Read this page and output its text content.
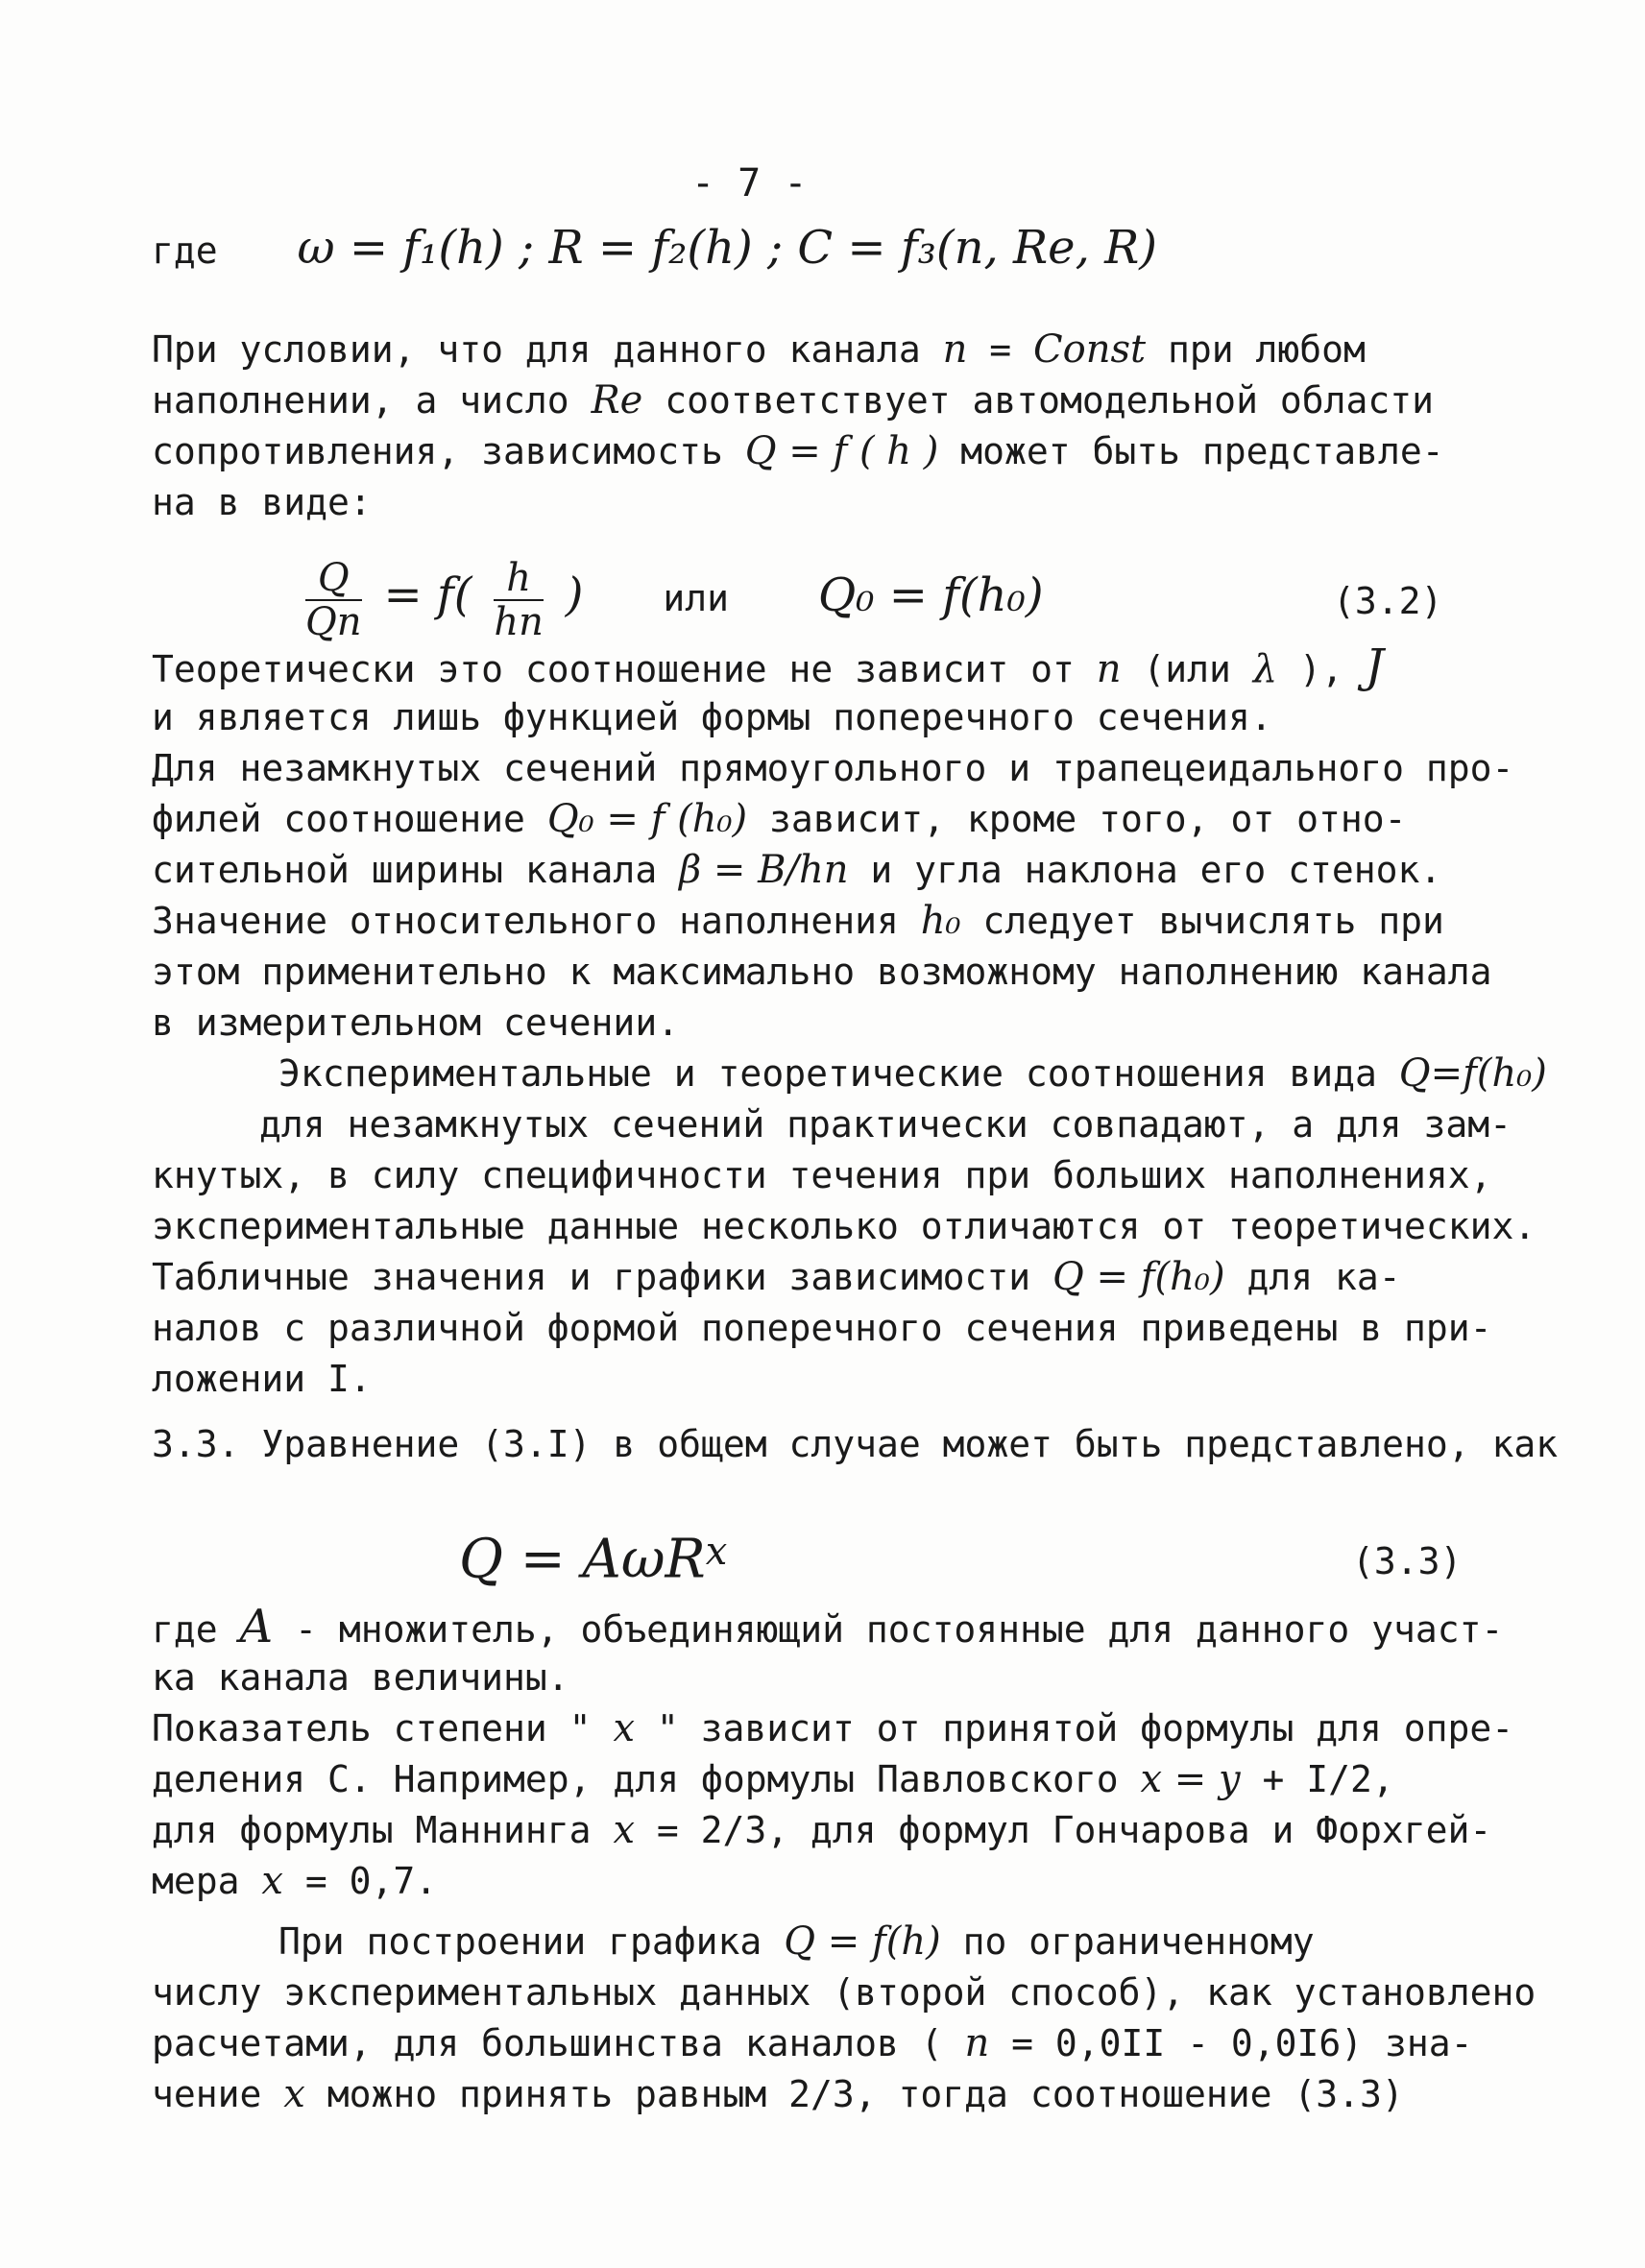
- 7 -
где ω = f₁(h) ; R = f₂(h) ; C = f₃(n, Re, R)
При условии, что для данного канала n = Const при любом
наполнении, а число Re соответствует автомодельной области
сопротивления, зависимость Q = f ( h ) может быть представле-
на в виде:
$\frac{Q}{Qn} = f( \frac{h}{hn}$ ) или Q₀ = f(h₀)	(3.2)
Теоретически это соотношение не зависит от n (или λ ), J
и является лишь функцией формы поперечного сечения.
Для незамкнутых сечений прямоугольного и трапецеидального про-
филей соотношение Q₀ = f (h₀) зависит, кроме того, от отно-
сительной ширины канала β = B/hn и угла наклона его стенок.
Значение относительного наполнения h₀ следует вычислять при
этом применительно к максимально возможному наполнению канала
в измерительном сечении.
Экспериментальные и теоретические соотношения вида Q=f(h₀)
для незамкнутых сечений практически совпадают, а для зам-
кнутых, в силу специфичности течения при больших наполнениях,
экспериментальные данные несколько отличаются от теоретических.
Табличные значения и графики зависимости Q = f(h₀) для ка-
налов с различной формой поперечного сечения приведены в при-
ложении I.
3.3. Уравнение (3.I) в общем случае может быть представлено, как
Q = AωR$^x$	(3.3)
где A - множитель, объединяющий постоянные для данного участ-
ка канала величины.
Показатель степени " x " зависит от принятой формулы для опре-
деления С. Например, для формулы Павловского x = y + I/2,
для формулы Маннинга x = 2/3, для формул Гончарова и Форхгей-
мера x = 0,7.
При построении графика Q = f(h) по ограниченному
числу экспериментальных данных (второй способ), как установлено
расчетами, для большинства каналов ( n = 0,0II - 0,0I6) зна-
чение x можно принять равным 2/3, тогда соотношение (3.3)
